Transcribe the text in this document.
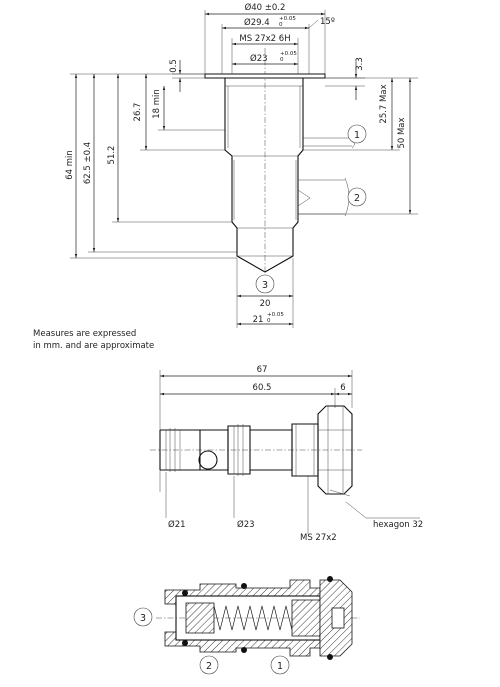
Ø40 ±0.2
Ø29.4 +0.05
0	15º
MS 27x2 6H
Ø23 +0.05
0
0.5	3.3
64 min 62.5 ±0.4 51.2
26.7 18 min	25.7 Max
50 Max
20
21 +0.05
0
1
2
3
Measures are expressed
in mm. and are approximate
67
60.5	6
Ø21	Ø23
MS 27x2
hexagon 32
3
2	1
